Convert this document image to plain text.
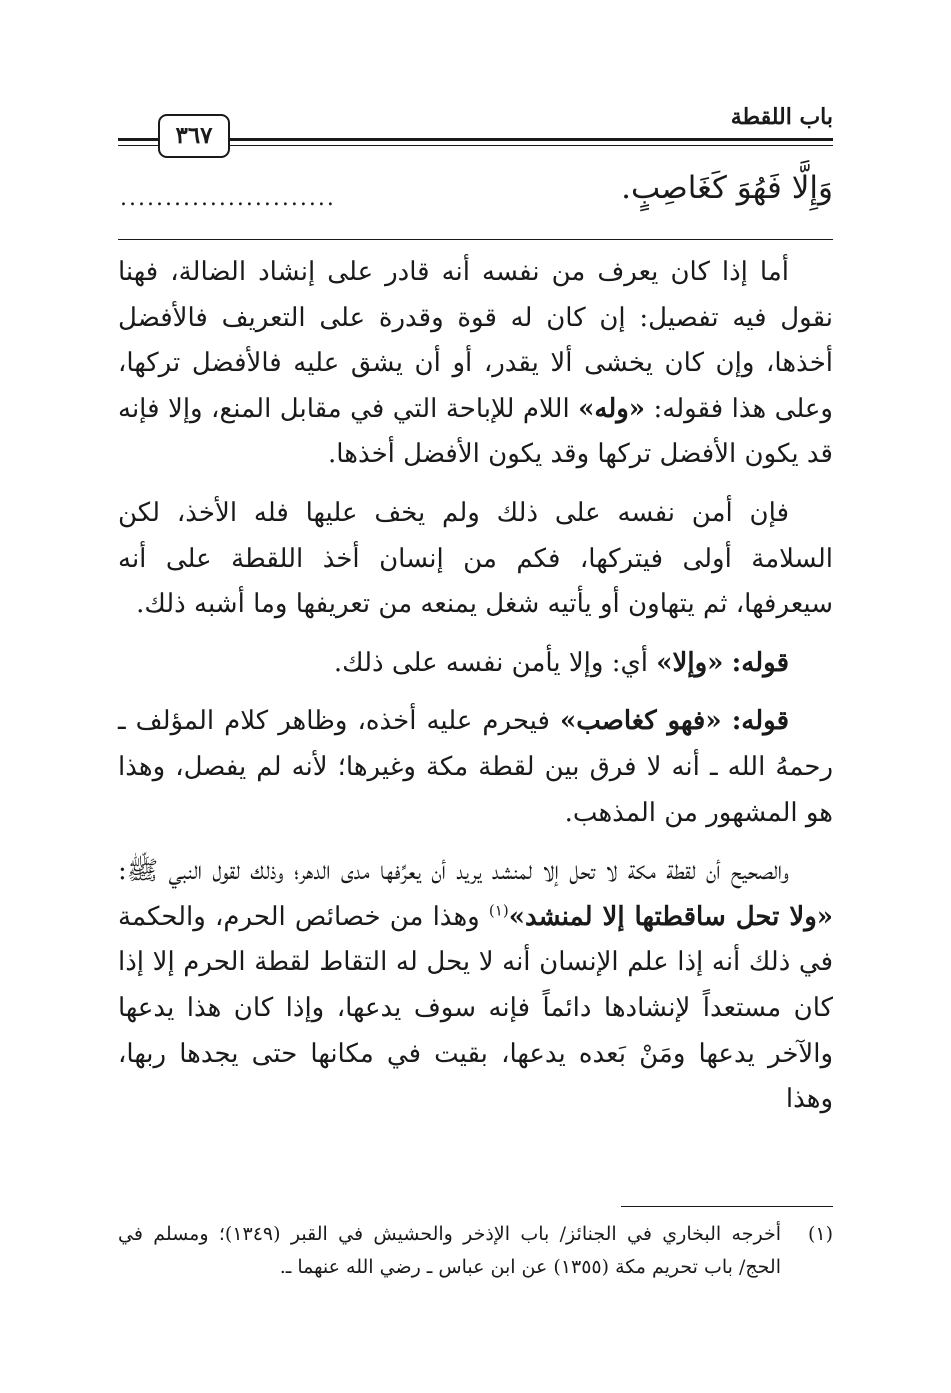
باب اللقطة
٣٦٧
وَإِلَّا فَهُوَ كَغَاصِبٍ.
........................

أما إذا كان يعرف من نفسه أنه قادر على إنشاد الضالة، فهنا نقول فيه تفصيل: إن كان له قوة وقدرة على التعريف فالأفضل أخذها، وإن كان يخشى ألا يقدر، أو أن يشق عليه فالأفضل تركها، وعلى هذا فقوله: «وله» اللام للإباحة التي في مقابل المنع، وإلا فإنه قد يكون الأفضل تركها وقد يكون الأفضل أخذها.

فإن أمن نفسه على ذلك ولم يخف عليها فله الأخذ، لكن السلامة أولى فيتركها، فكم من إنسان أخذ اللقطة على أنه سيعرفها، ثم يتهاون أو يأتيه شغل يمنعه من تعريفها وما أشبه ذلك.

قوله: «وإلا» أي: وإلا يأمن نفسه على ذلك.

قوله: «فهو كغاصب» فيحرم عليه أخذه، وظاهر كلام المؤلف ـ رحمهُ الله ـ أنه لا فرق بين لقطة مكة وغيرها؛ لأنه لم يفصل، وهذا هو المشهور من المذهب.

والصحيح أن لقطة مكة لا تحل إلا لمنشد يريد أن يعرِّفها مدى الدهر؛ وذلك لقول النبي ﷺ: «ولا تحل ساقطتها إلا لمنشد»$^{(١)}$ وهذا من خصائص الحرم، والحكمة في ذلك أنه إذا علم الإنسان أنه لا يحل له التقاط لقطة الحرم إلا إذا كان مستعداً لإنشادها دائماً فإنه سوف يدعها، وإذا كان هذا يدعها والآخر يدعها ومَنْ بَعده يدعها، بقيت في مكانها حتى يجدها ربها، وهذا

(١)
أخرجه البخاري في الجنائز/ باب الإذخر والحشيش في القبر (١٣٤٩)؛ ومسلم في الحج/ باب تحريم مكة (١٣٥٥) عن ابن عباس ـ رضي الله عنهما ـ.
